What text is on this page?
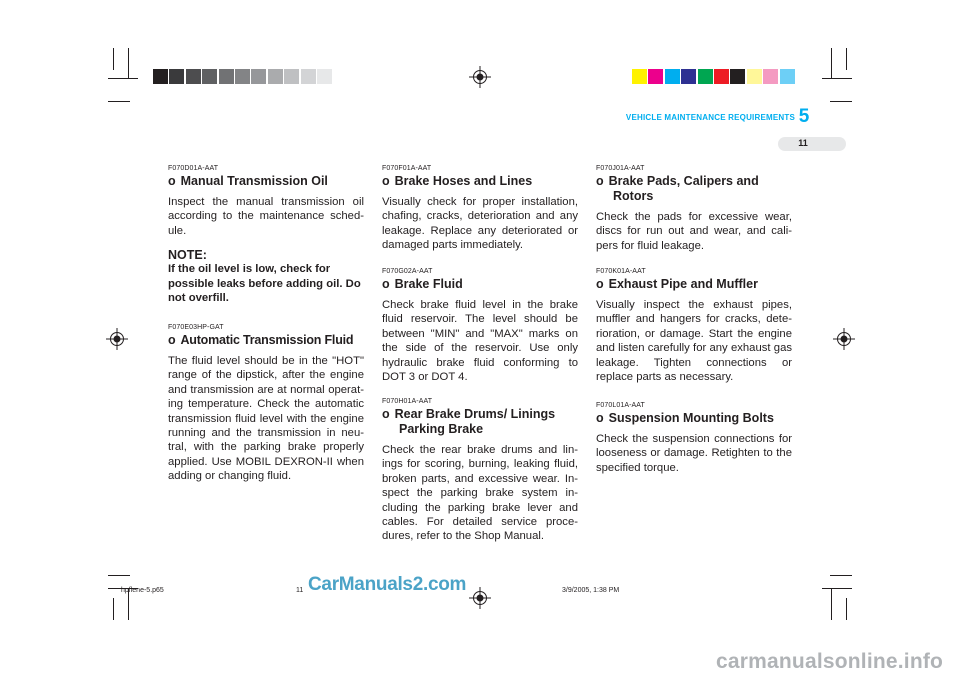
VEHICLE MAINTENANCE REQUIREMENTS 5
11

F070D01A-AAT

o Manual Transmission Oil

Inspect the manual transmission oil according to the maintenance sched-ule.

NOTE:

If the oil level is low, check for possible leaks before adding oil. Do not overfill.

F070E03HP-GAT

o Automatic Transmission Fluid

The fluid level should be in the "HOT" range of the dipstick, after the engine and transmission are at normal operat-ing temperature. Check the automatic transmission fluid level with the engine running and the transmission in neu-tral, with the parking brake properly applied. Use MOBIL DEXRON-II when adding or changing fluid.

F070F01A-AAT

o Brake Hoses and Lines

Visually check for proper installation, chafing, cracks, deterioration and any leakage. Replace any deteriorated or damaged parts immediately.

F070G02A-AAT

o Brake Fluid

Check brake fluid level in the brake fluid reservoir. The level should be between "MIN" and "MAX" marks on the side of the reservoir. Use only hydraulic brake fluid conforming to DOT 3 or DOT 4.

F070H01A-AAT

o Rear Brake Drums/ Linings
Parking Brake

Check the rear brake drums and lin-ings for scoring, burning, leaking fluid, broken parts, and excessive wear. In-spect the parking brake system in-cluding the parking brake lever and cables. For detailed service proce-dures, refer to the Shop Manual.

F070J01A-AAT

o Brake Pads, Calipers and
Rotors

Check the pads for excessive wear, discs for run out and wear, and cali-pers for fluid leakage.

F070K01A-AAT

o Exhaust Pipe and Muffler

Visually inspect the exhaust pipes, muffler and hangers for cracks, dete-rioration, or damage. Start the engine and listen carefully for any exhaust gas leakage. Tighten connections or replace parts as necessary.

F070L01A-AAT

o Suspension Mounting Bolts

Check the suspension connections for looseness or damage. Retighten to the specified torque.

hpflene-5.p65	11	3/9/2005, 1:38 PM
CarManuals2.com
carmanualsonline.info
